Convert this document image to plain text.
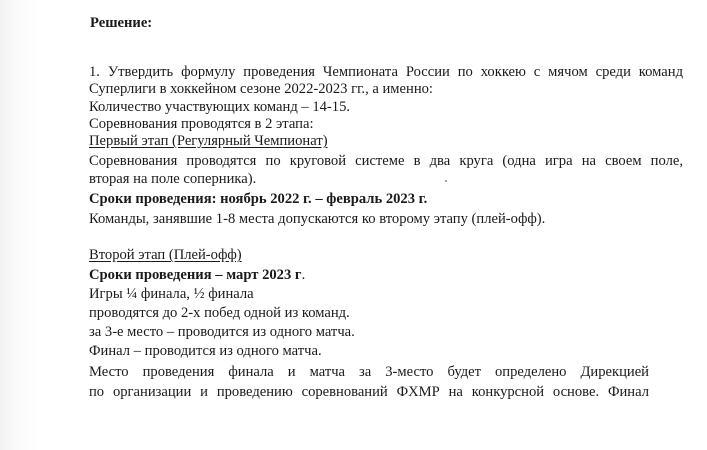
Решение:
1. Утвердить формулу проведения Чемпионата России по хоккею с мячом среди команд
Суперлиги в хоккейном сезоне 2022-2023 гг., а именно:
Количество участвующих команд – 14-15.
Соревнования проводятся в 2 этапа:
Первый этап (Регулярный Чемпионат)
Соревнования проводятся по круговой системе в два круга (одна игра на своем поле,
вторая на поле соперника).
Сроки проведения: ноябрь 2022 г. – февраль 2023 г.
Команды, занявшие 1-8 места допускаются ко второму этапу (плей-офф).
Второй этап (Плей-офф)
Сроки проведения – март 2023 г.
Игры ¼ финала, ½ финала
проводятся до 2-х побед одной из команд.
за 3-е место – проводится из одного матча.
Финал – проводится из одного матча.
Место проведения финала и матча за 3-место будет определено Дирекцией
по организации и проведению соревнований ФХМР на конкурсной основе. Финал
